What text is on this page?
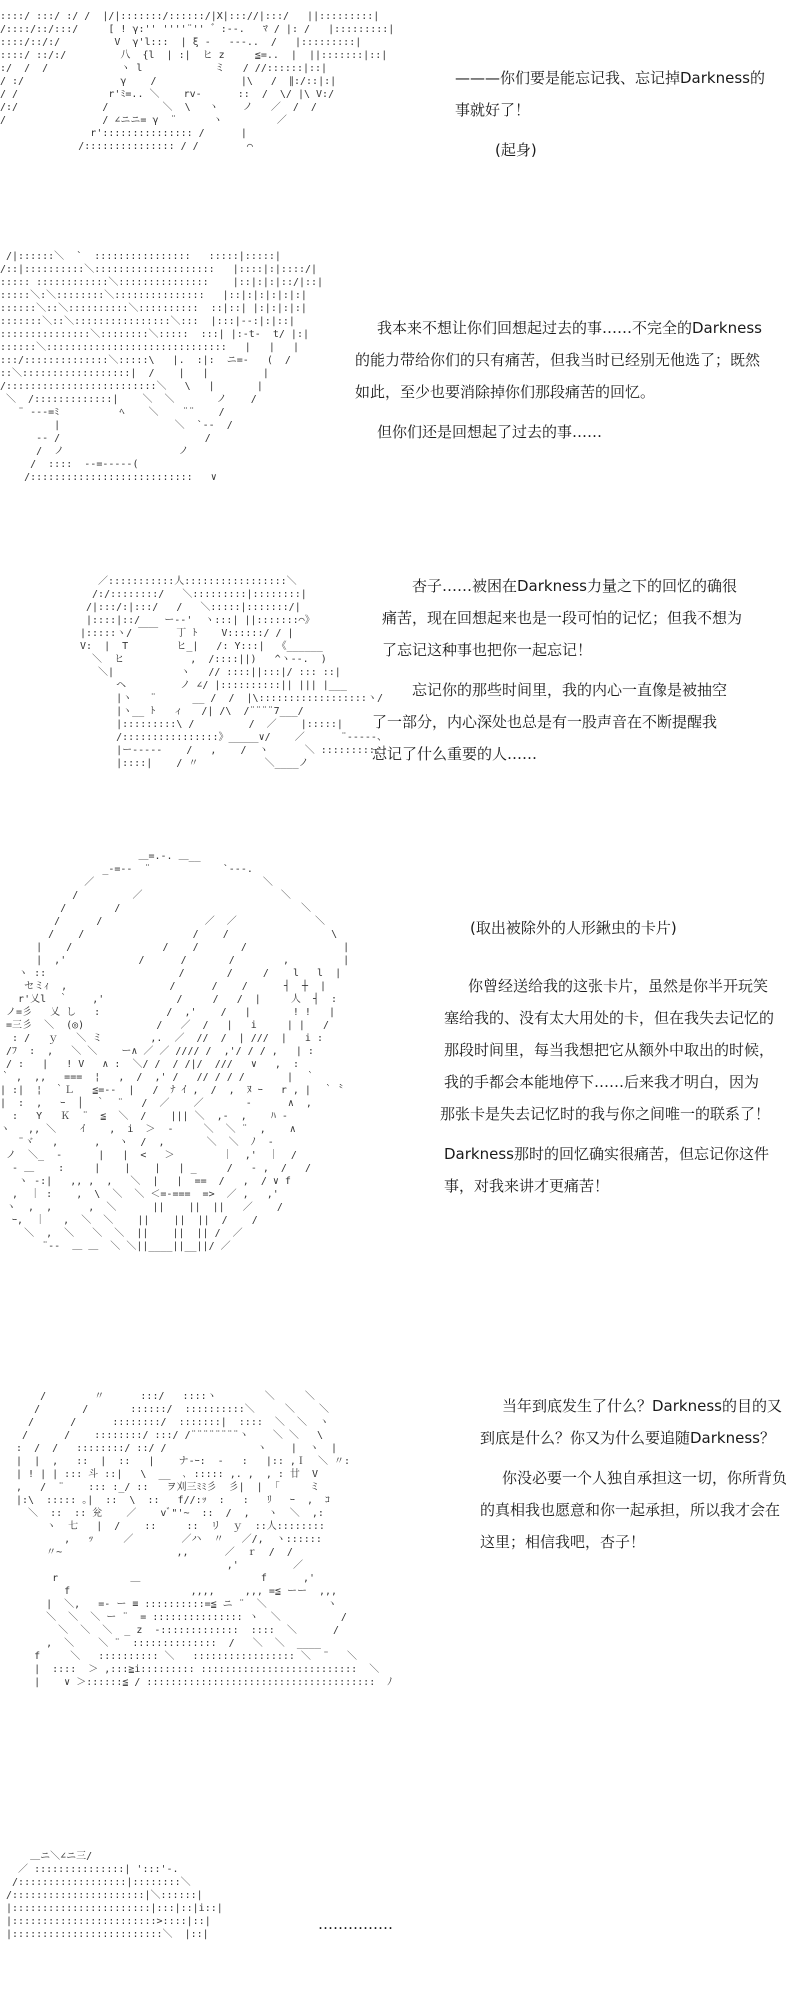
::::/ :::/ :/ /  |/|:::::::/::::::/|X|::://|:::/   ||:::::::::|
/::::/::/:::/     [ ! γ:'' ''''¨'' ゛:--.   ﾏ / |: /   |:::::::::|
::::/::/:/         V  γ'l:::  | ξ ‐   ---..  /   |:::::::::|
::::/ ::/:/         八  {l  | :|  ヒ z     ≦=..  |  ||:::::::|::|
:/  /  /            ヽ l            ミ   / //::::::|::|
/ :/                γ    /              |\   /  ∥:/::|:|
/ /               r'ﾐ=.. ＼    rv-      ::  /  \/ |\ V:/
/:/              /         ＼  \   ヽ    ノ   ／  /  /
/                / ∠ニニ= γ  ¨      ヽ         ／
r'::::::::::::::: /      |
/::::::::::::::: / /        ⌒

———你们要是能忘记我、忘记掉Darkness的

事就好了！

(起身)

/|::::::＼  `  ::::::::::::::::   :::::|:::::|
/::|::::::::::＼::::::::::::::::::::   |::::|:|::::/|
::::: ::::::::::::＼:::::::::::::::    |::|:|:|::/|::|
:::::＼:＼::::::::＼:::::::::::::::   |::|:|:|:|:|:|
::::::＼::＼::::::::::＼::::::::::  ::|::| |:|:|:|:|
:::::::＼::＼::::::::::::::::＼:::  |:::|--:|:|::|
:::::::::::::::＼::::::::＼:::::  :::| |:-t-  t/ |:|
::::::＼::::::::::::::::::::::::::::::   |   |   |
:::/::::::::::::::＼:::::\   |.  :|:  ニ=-   (  /
::＼::::::::::::::::::|  /    |   |         |
/:::::::::::::::::::::::::＼   \   |       |
＼  /:::::::::::::|    ＼  ＼       ノ    /
¨ ‐--=ﾐ          ﾍ    ＼    ¨¨    /
|                   ＼  `--  /
-- /                        /
/  ノ                   ノ
/  ::::  --=-----(
/:::::::::::::::::::::::::::   ∨

我本来不想让你们回想起过去的事……不完全的Darkness

的能力带给你们的只有痛苦，但我当时已经别无他选了；既然

如此，至少也要消除掉你们那段痛苦的回忆。

但你们还是回想起了过去的事……

／:::::::::::人:::::::::::::::::＼
/:/::::::::/   ＼:::::::::|::::::::|
/|:::/:|:::/   /   ＼:::::|:::::::/|
|::::|::/    ー-‐'  ヽ:::| ||:::::::⌒》
|:::::ヽ/ ￣￣   丁 ﾄ    V::::::/ / |
V:  |  T        ヒ_|   /: Y:::|  《______
＼  ヒ           ,  /::::||)   ^ヽ‐-.  )
＼|           ヽ   // ::::||:::|/ ::: ::|
ヘ         ノ ∠/ |::::::::::|| ||| |___
|ヽ   ¨      __ /  /  |\::::::::::::::::::ヽ/
|ヽ__ ﾄ   ィ   /| /\  /¨¨¨¨7___/
|:::::::::\ /         /  ／    |:::::|
/::::::::::::::::》_____∨/    ／      ¨-----、
|ー----‐    /   ,    /  ヽ      ＼ ::::::::::|
|::::|    / 〃           ＼____ノ

杏子……被困在Darkness力量之下的回忆的确很

痛苦，现在回想起来也是一段可怕的记忆；但我不想为

了忘记这种事也把你一起忘记！

忘记你的那些时间里，我的内心一直像是被抽空

了一部分，内心深处也总是有一股声音在不断提醒我

忘记了什么重要的人……

＿=.-. ＿__
_-=--  ¨            `---.
／                            ＼
/         ／                       ＼
/        /                              ＼
/      /                 ／  ／             ＼
/    /                  /    /                 \
|    /               /    /       /                |
|  ,'            /      /       /        ,         |
ヽ ::                      /       /     /    l   l  |
セミｨ  ,                 /      /    /      ┤  ┼  |
r'乂l  ｀    ,'            /     /   /  |     人  ┤  :
ノ=彡   乂 し   :           /  ,'    /   |       ! !   |
=三彡  ＼  (◎)            /   ／  /   |   i     | |   /
: /   ｙ   ＼ ミ        ,.  ／  //  /  | ///  |   i :
/ﾌ  :  ,   ＼ ＼    ー∧ ／ ／ //// /  ,'/ / / ,   | :
/ :   |   ! V   ∧ :  ＼/ /  / /|/  ///   ∨   ,  :
｀ ,  ,,   ===  ¦   ,  /  ,' /   // / / /       |  ｀
| :|  ¦  ｀Ｌ   ≦=--  |   /  ﾅ ｲ ,  /  ,  ﾇ ｰ   r , |  ｀〝
|  :  ,   ｰ  │  ｀  ¨   /  ／    ／       ‐      ∧  ,
:   Y   Ｋ  ¨  ≦  ＼  /    ||| ＼  ,‐  ,    ﾊ ‐
ヽ   ,, ＼    ｲ    ,  i  ＞  -     ＼  ＼ ¨  ,    ∧
¨ヾ   ,      ,   ヽ  /  ,       ＼  ＼  ﾉ  ‐
ノ  ＼_  ‐      |   |  <   ＞        ｜  ,'  ｜  /
- ＿    :     |    |    |   | _     /   ‐ ,  /   /
ヽ -:|   ,, ,  ,   ＼  |   |  ==  /   ,  / ∨ f
,  ｜ :    ,  \  ＼  ＼ ＜=-===  =>  ／ ,   ,'
ヽ  ,  ,      ,  ＼      ||    ||  ||   ／    /
ｰ,  ｜   ,  ＼  ＼    ||    ||  ||  /    /
＼  ,  ＼   ＼  ＼  ||    ||  || /  ／
¨--  ＿ ＿  ＼ ＼||____||__||/ ／

(取出被除外的人形鍬虫的卡片)

你曾经送给我的这张卡片，虽然是你半开玩笑

塞给我的、没有太大用处的卡，但在我失去记忆的

那段时间里，每当我想把它从额外中取出的时候，

我的手都会本能地停下……后来我才明白，因为

那张卡是失去记忆时的我与你之间唯一的联系了！

Darkness那时的回忆确实很痛苦，但忘记你这件

事，对我来讲才更痛苦！

/        〃      :::/   ::::ヽ        ＼     ＼
/       /       ::::::/  ::::::::::＼     ＼    ＼
/      /      ::::::::/  :::::::|  ::::  ＼  ＼  ヽ
/      /    ::::::::/ :::/ /¨¨¨¨¨¨¨¨ヽ    ＼ ＼   \
:  /  /   ::::::::/ ::/ /               ヽ    |  ヽ  |
|  |  ,   ::  |  ::   |    ナ-ｰ:  -   :   |:: ,Ｉ  ＼ 〃:
| ! | | ::: 斗 ::|   \  __  ､ ::::: ,. ,  , : 廿  V
,   /  ¨    ::: :_/ ::   ヲ刈三ﾐﾐ彡  彡|  |  ｢     ミ
|:\  ::::: ｡|  ::  \  ::   f//:ｯ  :   :   ﾘ   ｰ  ,  ｺ
＼  ::  :: 兊    ／    vﾞ"'~  ::  /  ,   ヽ  ＼  ,:
ヽ  七   |  /    ::     ::  リ  ｙ  ::人::::::::
,   ｯ     ／        ／ハ  〃   ／/,  ヽ::::::
〃~                   ,,      ／  ｒ  /  /
,'         ／
r            ＿                    f      ,'
f                    ,,,,     ,,, =≦ ーー  ,,,
|  ＼,   =- ー ≡ ::::::::::=≦ ニ ¨  ＼          ヽ
＼  ＼  ＼ ー ¨  = ::::::::::::::: ヽ  ＼          /
＼  ＼  ＼  _ z  -:::::::::::::  ::::  ＼      /
,  ＼    ＼ ¨  ::::::::::::::  /   ＼  ＼  ____
f     ＼   :::::::::: ＼   ::::::::::::::::: ＼  ¨   ＼
|  ::::  ＞ ,:::≧i::::::::: ::::::::::::::::::::::::::  ＼
|    ∨ ＞::::::≦ / ::::::::::::::::::::::::::::::::::::::  ﾉ

当年到底发生了什么？Darkness的目的又

到底是什么？你又为什么要追随Darkness？

你没必要一个人独自承担这一切，你所背负

的真相我也愿意和你一起承担，所以我才会在

这里；相信我吧，杏子！

＿ニ＼∠ニ三/
／ :::::::::::::::| ':::'-.
/::::::::::::::::::|::::::::＼
/::::::::::::::::::::::|＼::::::|
|:::::::::::::::::::::::|:::|::|i::|
|::::::::::::::::::::::::>::::|::|
|:::::::::::::::::::::::::＼  |::|

……………
